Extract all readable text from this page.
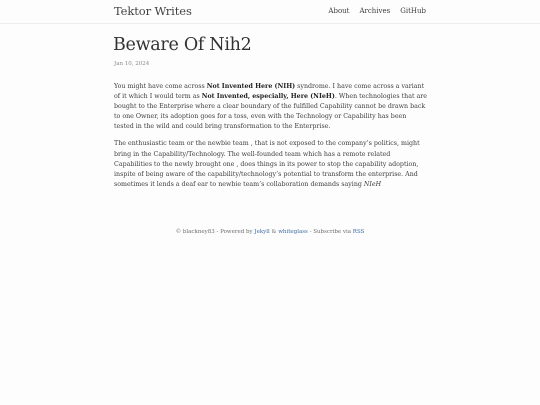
Tektor Writes	About Archives GitHub
Beware Of Nih2
Jan 10, 2024

You might have come across Not Invented Here (NIH) syndrome. I have come across a variant of it which I would term as Not Invented, especially, Here (NIeH). When technologies that are bought to the Enterprise where a clear boundary of the fulfilled Capability cannot be drawn back to one Owner, its adoption goes for a toss, even with the Technology or Capability has been tested in the wild and could bring transformation to the Enterprise.

The enthusiastic team or the newbie team , that is not exposed to the company’s politics, might bring in the Capability/Technology. The well-founded team which has a remote related Capabilities to the newly brought one , does things in its power to stop the capability adoption, inspite of being aware of the capability/technology’s potential to transform the enterprise. And sometimes it lends a deaf ear to newbie team’s collaboration demands saying NIeH

© blackney83 - Powered by Jekyll & whiteglass - Subscribe via RSS
